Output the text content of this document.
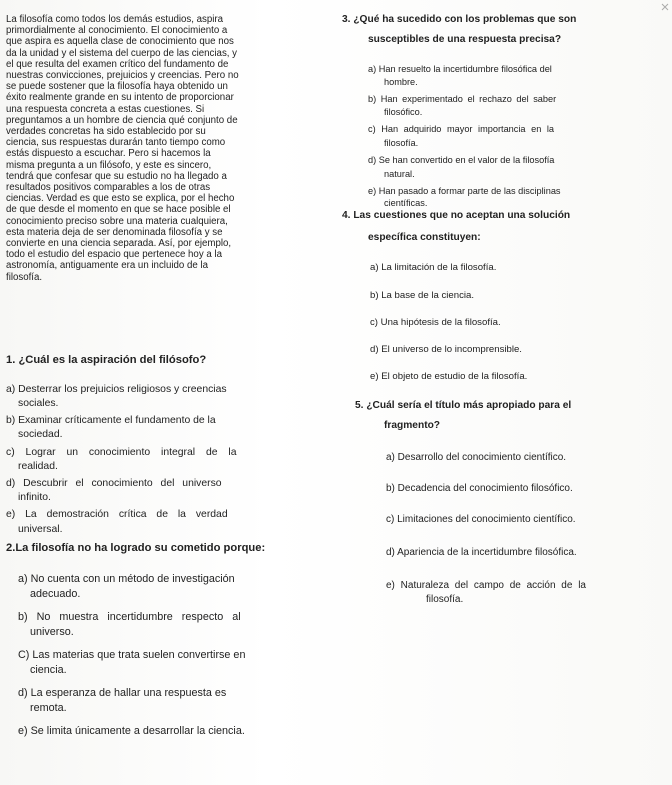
La filosofía como todos los demás estudios, aspira
primordialmente al conocimiento. El conocimiento a
que aspira es aquella clase de conocimiento que nos
da la unidad y el sistema del cuerpo de las ciencias, y
el que resulta del examen crítico del fundamento de
nuestras convicciones, prejuicios y creencias. Pero no
se puede sostener que la filosofía haya obtenido un
éxito realmente grande en su intento de proporcionar
una respuesta concreta a estas cuestiones. Si
preguntamos a un hombre de ciencia qué conjunto de
verdades concretas ha sido establecido por su
ciencia, sus respuestas durarán tanto tiempo como
estás dispuesto a escuchar. Pero si hacemos la
misma pregunta a un filósofo, y este es sincero,
tendrá que confesar que su estudio no ha llegado a
resultados positivos comparables a los de otras
ciencias. Verdad es que esto se explica, por el hecho
de que desde el momento en que se hace posible el
conocimiento preciso sobre una materia cualquiera,
esta materia deja de ser denominada filosofía y se
convierte en una ciencia separada. Así, por ejemplo,
todo el estudio del espacio que pertenece hoy a la
astronomía, antiguamente era un incluido de la
filosofía.
1. ¿Cuál es la aspiración del filósofo?
a) Desterrar los prejuicios religiosos y creencias
sociales.
b) Examinar críticamente el fundamento de la
sociedad.
c) Lograr un conocimiento integral de la
realidad.
d) Descubrir el conocimiento del universo
infinito.
e) La demostración crítica de la verdad
universal.
2.La filosofía no ha logrado su cometido porque:
a) No cuenta con un método de investigación
adecuado.
b) No muestra incertidumbre respecto al
universo.
C) Las materias que trata suelen convertirse en
ciencia.
d) La esperanza de hallar una respuesta es
remota.
e) Se limita únicamente a desarrollar la ciencia.
3. ¿Qué ha sucedido con los problemas que son
susceptibles de una respuesta precisa?
a) Han resuelto la incertidumbre filosófica del
hombre.
b) Han experimentado el rechazo del saber
filosófico.
c) Han adquirido mayor importancia en la
filosofía.
d) Se han convertido en el valor de la filosofía
natural.
e) Han pasado a formar parte de las disciplinas
científicas.
4. Las cuestiones que no aceptan una solución
específica constituyen:
a) La limitación de la filosofía.
b) La base de la ciencia.
c) Una hipótesis de la filosofía.
d) El universo de lo incomprensible.
e) El objeto de estudio de la filosofía.
5. ¿Cuál sería el título más apropiado para el
fragmento?
a) Desarrollo del conocimiento científico.
b) Decadencia del conocimiento filosófico.
c) Limitaciones del conocimiento científico.
d) Apariencia de la incertidumbre filosófica.
e) Naturaleza del campo de acción de la
filosofía.
